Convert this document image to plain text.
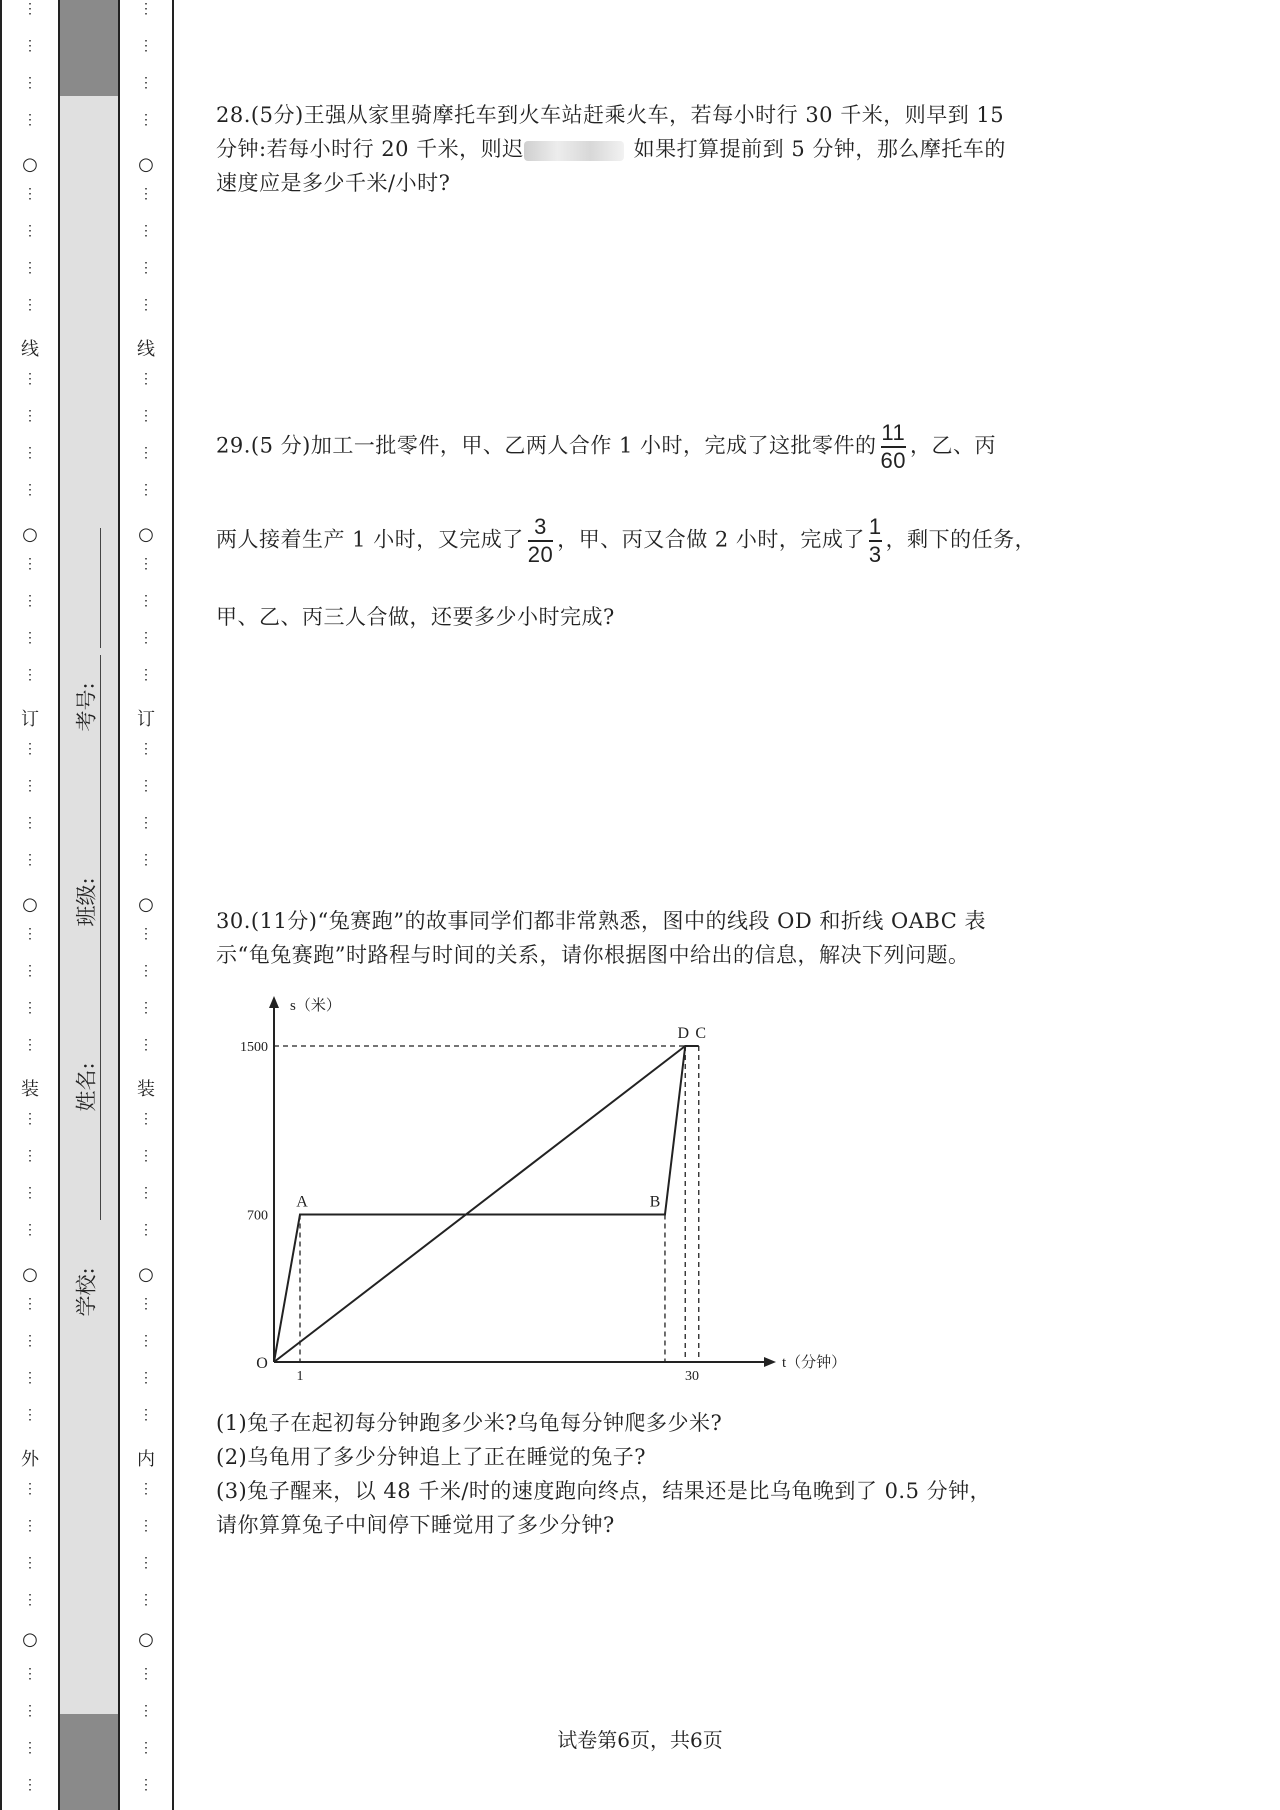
○
○
○
○
○
线
订
装
外
⋮
⋮
⋮
⋮
⋮
⋮
⋮
⋮
⋮
⋮
⋮
⋮
⋮
⋮
⋮
⋮
⋮
⋮
⋮
⋮
⋮
⋮
⋮
⋮
⋮
⋮
⋮
⋮
⋮
⋮
⋮
⋮
⋮
⋮
⋮
⋮
⋮
⋮
⋮
⋮
○
○
○
○
○
线
订
装
内
⋮
⋮
⋮
⋮
⋮
⋮
⋮
⋮
⋮
⋮
⋮
⋮
⋮
⋮
⋮
⋮
⋮
⋮
⋮
⋮
⋮
⋮
⋮
⋮
⋮
⋮
⋮
⋮
⋮
⋮
⋮
⋮
⋮
⋮
⋮
⋮
⋮
⋮
⋮
⋮
学校:
姓名:
班级:
考号:
28.(5分)王强从家里骑摩托车到火车站赶乘火车，若每小时行 30 千米，则早到 15
分钟:若每小时行 20 千米，则迟	如果打算提前到 5 分钟，那么摩托车的
速度应是多少千米/小时?
29.(5 分)加工一批零件，甲、乙两人合作 1 小时，完成了这批零件的 $\frac{11}{60}$ ，乙、丙
两人接着生产 1 小时，又完成了 $\frac{3}{20}$ ，甲、丙又合做 2 小时，完成了 $\frac{1}{3}$ ，剩下的任务，
甲、乙、丙三人合做，还要多少小时完成?
30.(11分)“兔赛跑”的故事同学们都非常熟悉，图中的线段 OD 和折线 OABC 表
示“龟兔赛跑”时路程与时间的关系，请你根据图中给出的信息，解决下列问题。
s（米）
t（分钟）
O
1500
700
1	30
A	B
C
D
(1)兔子在起初每分钟跑多少米?乌龟每分钟爬多少米?
(2)乌龟用了多少分钟追上了正在睡觉的兔子?
(3)兔子醒来，以 48 千米/时的速度跑向终点，结果还是比乌龟晚到了 0.5 分钟，
请你算算兔子中间停下睡觉用了多少分钟?
试卷第6页，共6页
